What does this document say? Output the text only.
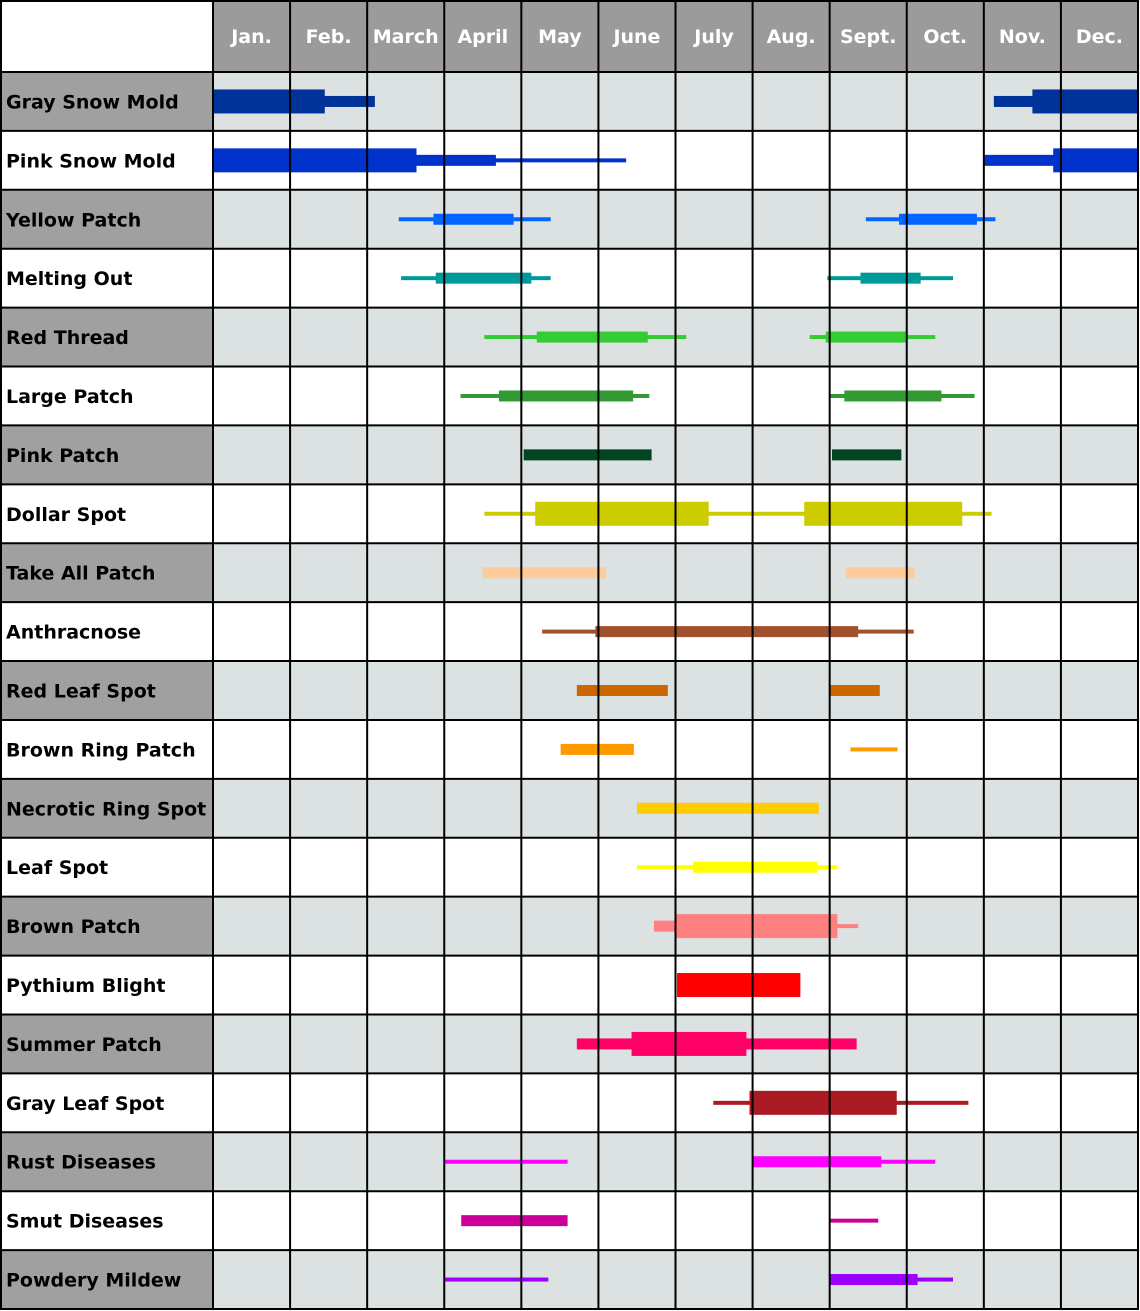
Jan. Feb. March April May June July Aug. Sept. Oct. Nov. Dec.
Gray Snow Mold
Pink Snow Mold
Yellow Patch
Melting Out
Red Thread
Large Patch
Pink Patch
Dollar Spot
Take All Patch
Anthracnose
Red Leaf Spot
Brown Ring Patch
Necrotic Ring Spot
Leaf Spot
Brown Patch
Pythium Blight
Summer Patch
Gray Leaf Spot
Rust Diseases
Smut Diseases
Powdery Mildew
